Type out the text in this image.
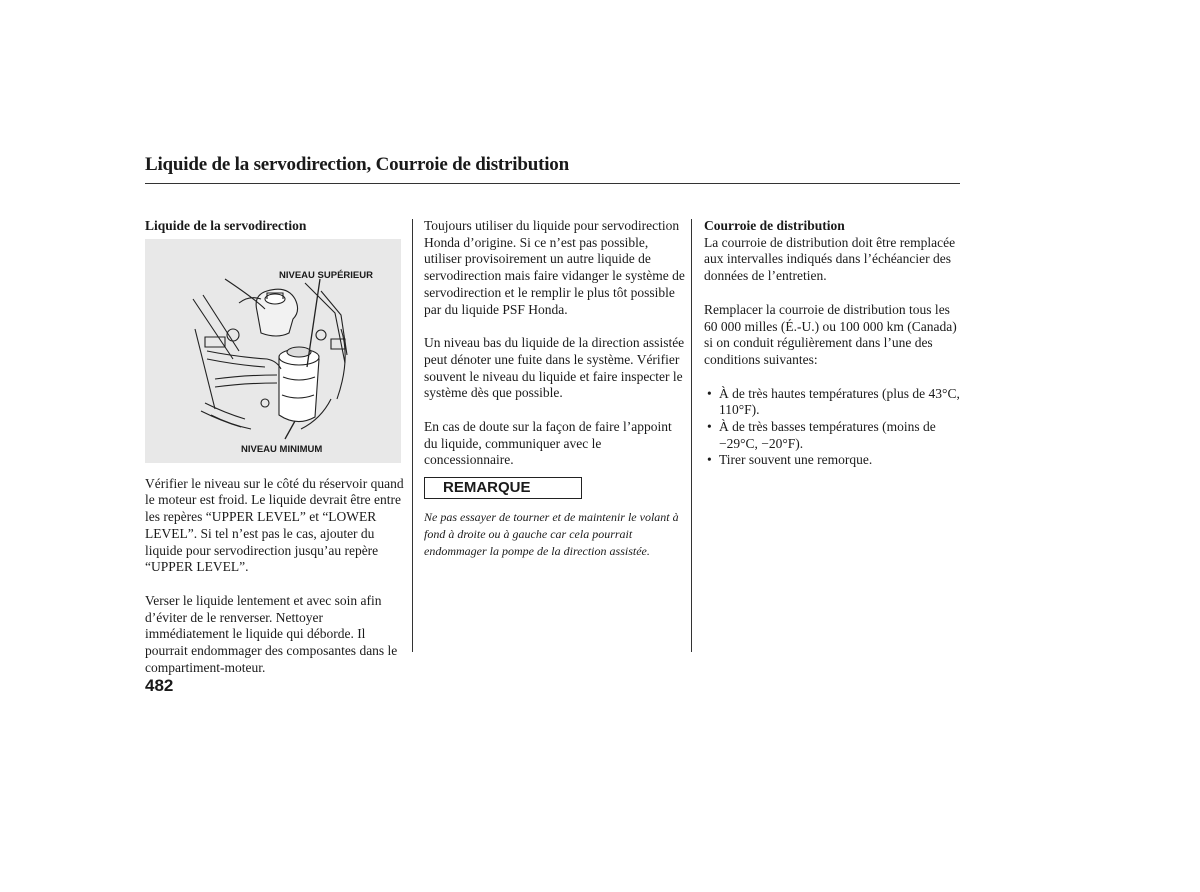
Liquide de la servodirection, Courroie de distribution

Liquide de la servodirection

NIVEAU SUPÉRIEUR
NIVEAU MINIMUM

Vérifier le niveau sur le côté du réservoir quand le moteur est froid. Le liquide devrait être entre les repères “UPPER LEVEL” et “LOWER LEVEL”. Si tel n’est pas le cas, ajouter du liquide pour servodirection jusqu’au repère “UPPER LEVEL”.

Verser le liquide lentement et avec soin afin d’éviter de le renverser. Nettoyer immédiatement le liquide qui déborde. Il pourrait endommager des composantes dans le compartiment-moteur.

Toujours utiliser du liquide pour servodirection Honda d’origine. Si ce n’est pas possible, utiliser provisoirement un autre liquide de servodirection mais faire vidanger le système de servodirection et le remplir le plus tôt possible par du liquide PSF Honda.

Un niveau bas du liquide de la direction assistée peut dénoter une fuite dans le système. Vérifier souvent le niveau du liquide et faire inspecter le système dès que possible.

En cas de doute sur la façon de faire l’appoint du liquide, communiquer avec le concessionnaire.

REMARQUE

Ne pas essayer de tourner et de maintenir le volant à fond à droite ou à gauche car cela pourrait endommager la pompe de la direction assistée.

Courroie de distribution

La courroie de distribution doit être remplacée aux intervalles indiqués dans l’échéancier des données de l’entretien.

Remplacer la courroie de distribution tous les 60 000 milles (É.-U.) ou 100 000 km (Canada) si on conduit régulièrement dans l’une des conditions suivantes:

• À de très hautes températures (plus de 43°C, 110°F).
• À de très basses températures (moins de −29°C, −20°F).
• Tirer souvent une remorque.
482
